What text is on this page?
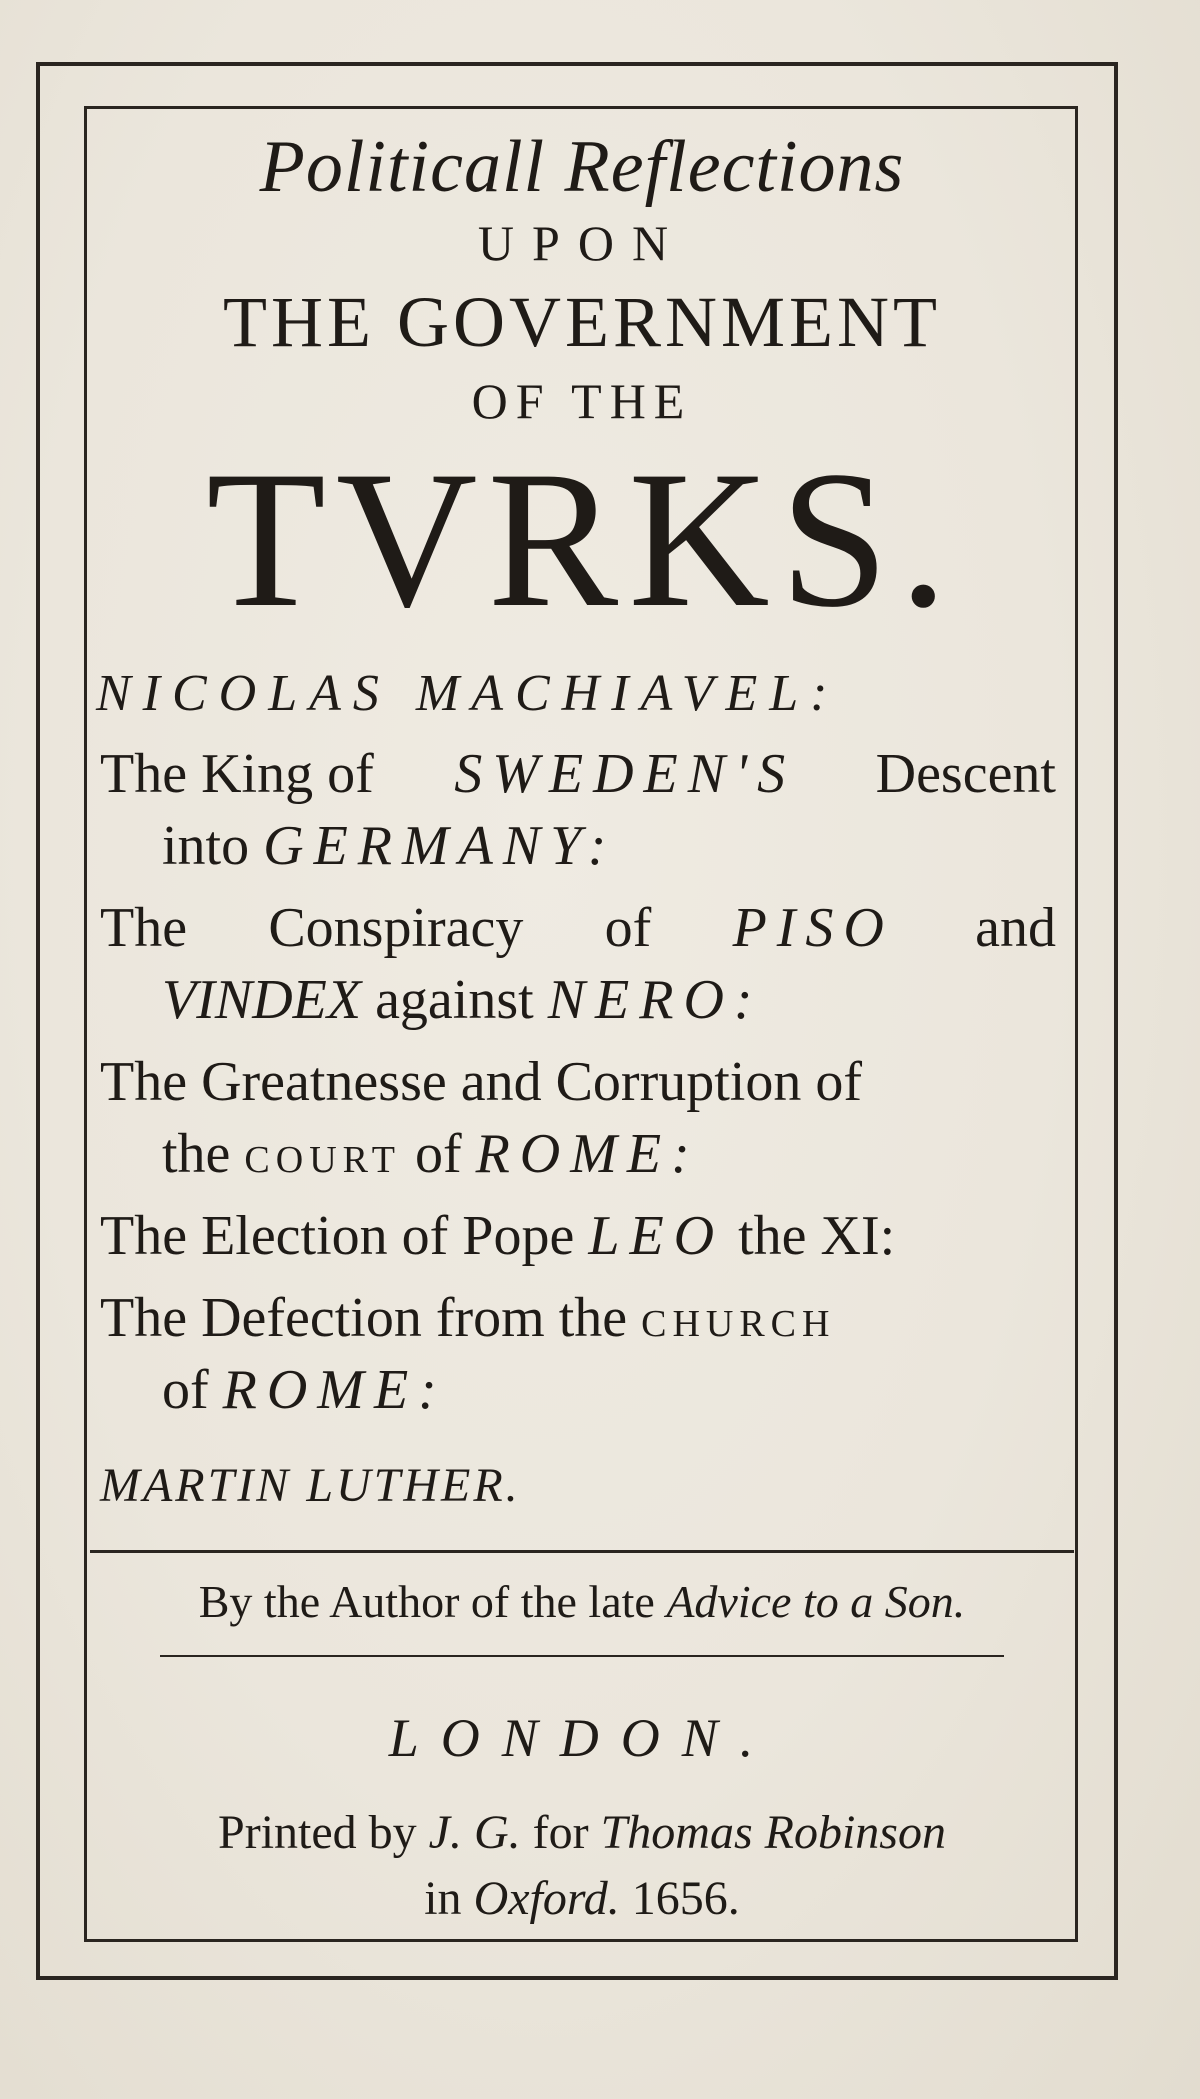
Politicall Reflections
UPON
THE GOVERNMENT
OF THE
TVRKS.
NICOLAS MACHIAVEL:
The King of SWEDEN'S Descent
into GERMANY:
The Conspiracy of PISO and
VINDEX against NERO:
The Greatnesse and Corruption of
the COURT of ROME:
The Election of Pope LEO the XI:
The Defection from the CHURCH
of ROME:
MARTIN LUTHER.
By the Author of the late Advice to a Son.
LONDON.
Printed by J. G. for Thomas Robinson
in Oxford. 1656.
